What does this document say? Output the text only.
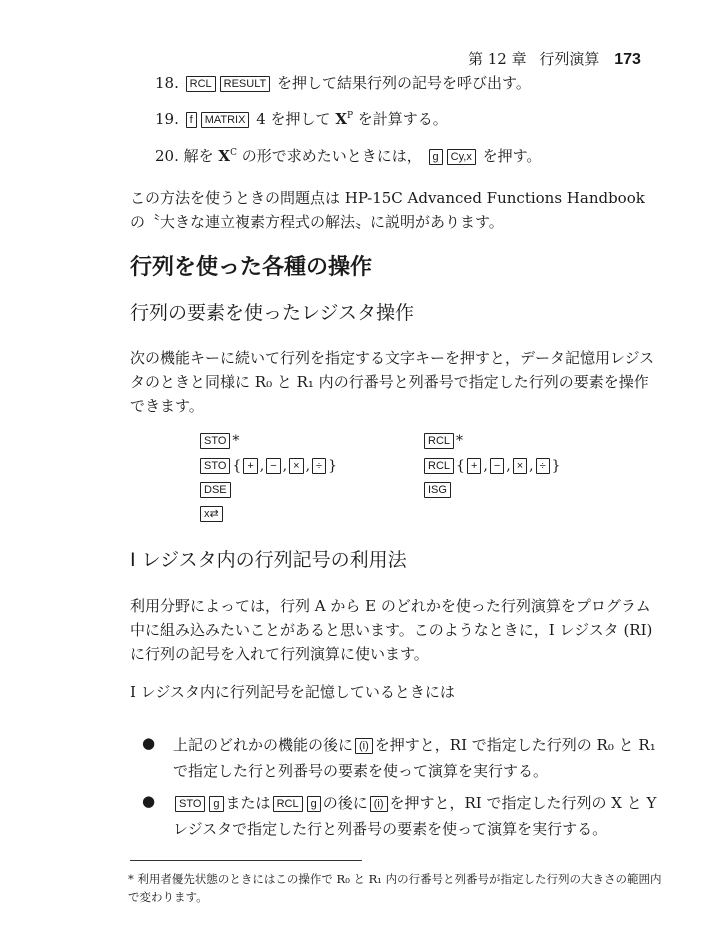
第 12 章 行列演算 173
18. RCL RESULT を押して結果行列の記号を呼び出す。
19. f MATRIX 4 を押して $X^P$ を計算する。
20. 解を $X^C$ の形で求めたいときには， g Cy,x を押す。
この方法を使うときの問題点は HP-15C Advanced Functions Handbook の〝大きな連立複素方程式の解法〟に説明があります。
行列を使った各種の操作
行列の要素を使ったレジスタ操作
次の機能キーに続いて行列を指定する文字キーを押すと，データ記憶用レジスタのときと同様に R₀ と R₁ 内の行番号と列番号で指定した行列の要素を操作できます。
STO *
STO { + , − , × , ÷ }
DSE
x⇄
RCL *
RCL { + , − , × , ÷ }
ISG
I レジスタ内の行列記号の利用法
利用分野によっては，行列 A から E のどれかを使った行列演算をプログラム中に組み込みたいことがあると思います。このようなときに，I レジスタ (RI) に行列の記号を入れて行列演算に使います。
I レジスタ内に行列記号を記憶しているときには
● 上記のどれかの機能の後に (i) を押すと，RI で指定した行列の R₀ と R₁ で指定した行と列番号の要素を使って演算を実行する。
●	STO g または RCL g の後に (i) を押すと，RI で指定した行列の X と Y レジスタで指定した行と列番号の要素を使って演算を実行する。
* 利用者優先状態のときにはこの操作で R₀ と R₁ 内の行番号と列番号が指定した行列の大きさの範囲内で変わります。
